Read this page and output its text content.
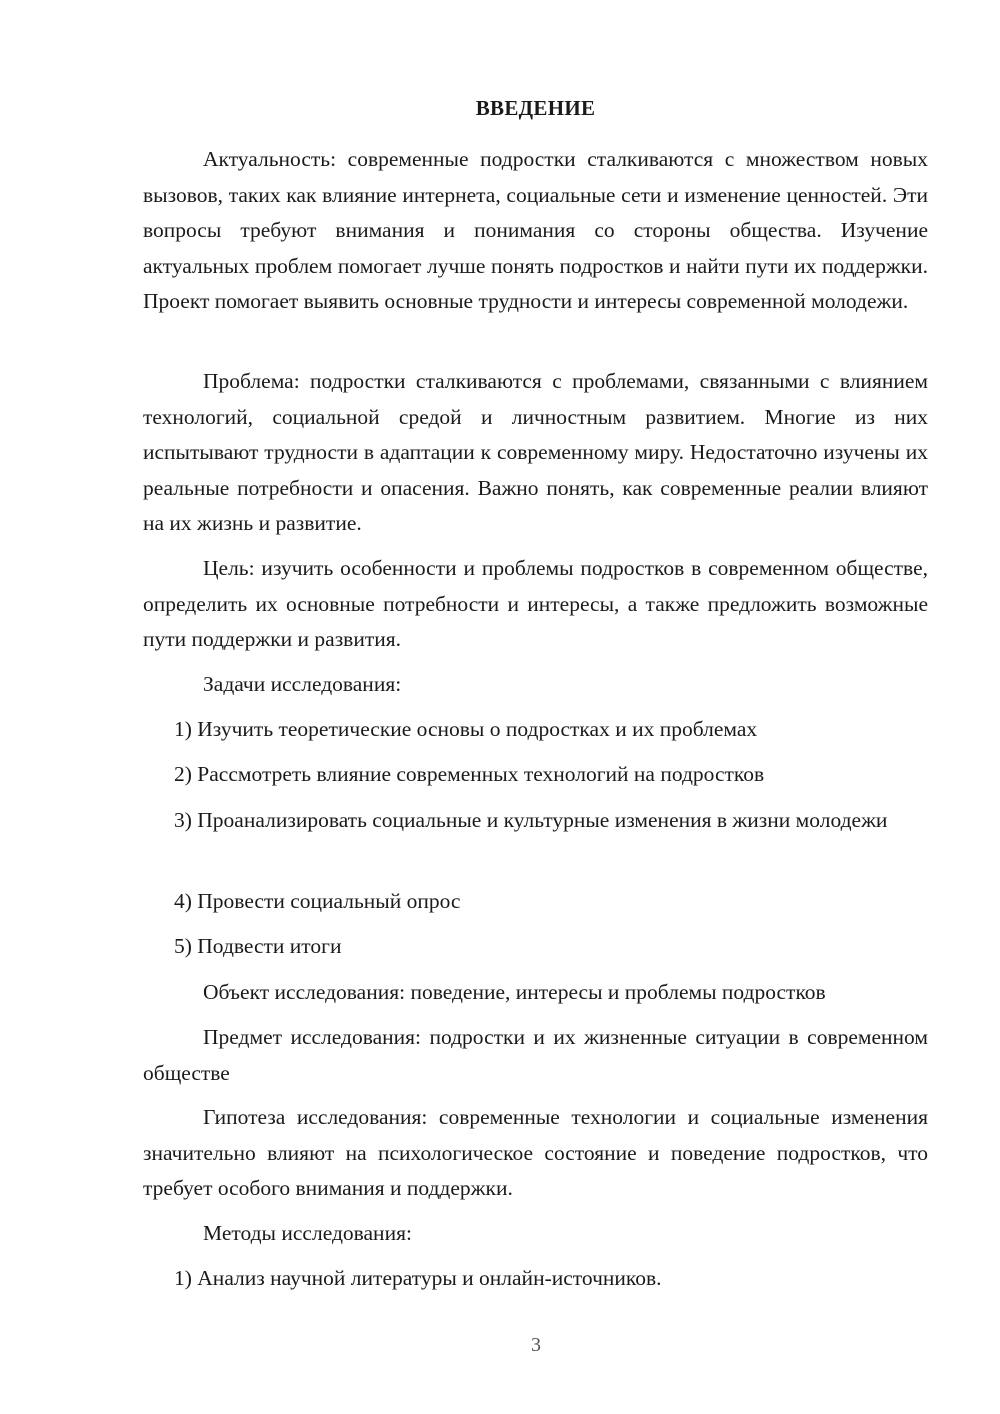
ВВЕДЕНИЕ
Актуальность: современные подростки сталкиваются с множеством новых вызовов, таких как влияние интернета, социальные сети и изменение ценностей. Эти вопросы требуют внимания и понимания со стороны общества. Изучение актуальных проблем помогает лучше понять подростков и найти пути их поддержки. Проект помогает выявить основные трудности и интересы современной молодежи.
Проблема: подростки сталкиваются с проблемами, связанными с влиянием технологий, социальной средой и личностным развитием. Многие из них испытывают трудности в адаптации к современному миру. Недостаточно изучены их реальные потребности и опасения. Важно понять, как современные реалии влияют на их жизнь и развитие.
Цель: изучить особенности и проблемы подростков в современном обществе, определить их основные потребности и интересы, а также предложить возможные пути поддержки и развития.
Задачи исследования:
1) Изучить теоретические основы о подростках и их проблемах
2) Рассмотреть влияние современных технологий на подростков
3) Проанализировать социальные и культурные изменения в жизни молодежи
4) Провести социальный опрос
5) Подвести итоги
Объект исследования: поведение, интересы и проблемы подростков
Предмет исследования: подростки и их жизненные ситуации в современном обществе
Гипотеза исследования: современные технологии и социальные изменения значительно влияют на психологическое состояние и поведение подростков, что требует особого внимания и поддержки.
Методы исследования:
1) Анализ научной литературы и онлайн-источников.
3
